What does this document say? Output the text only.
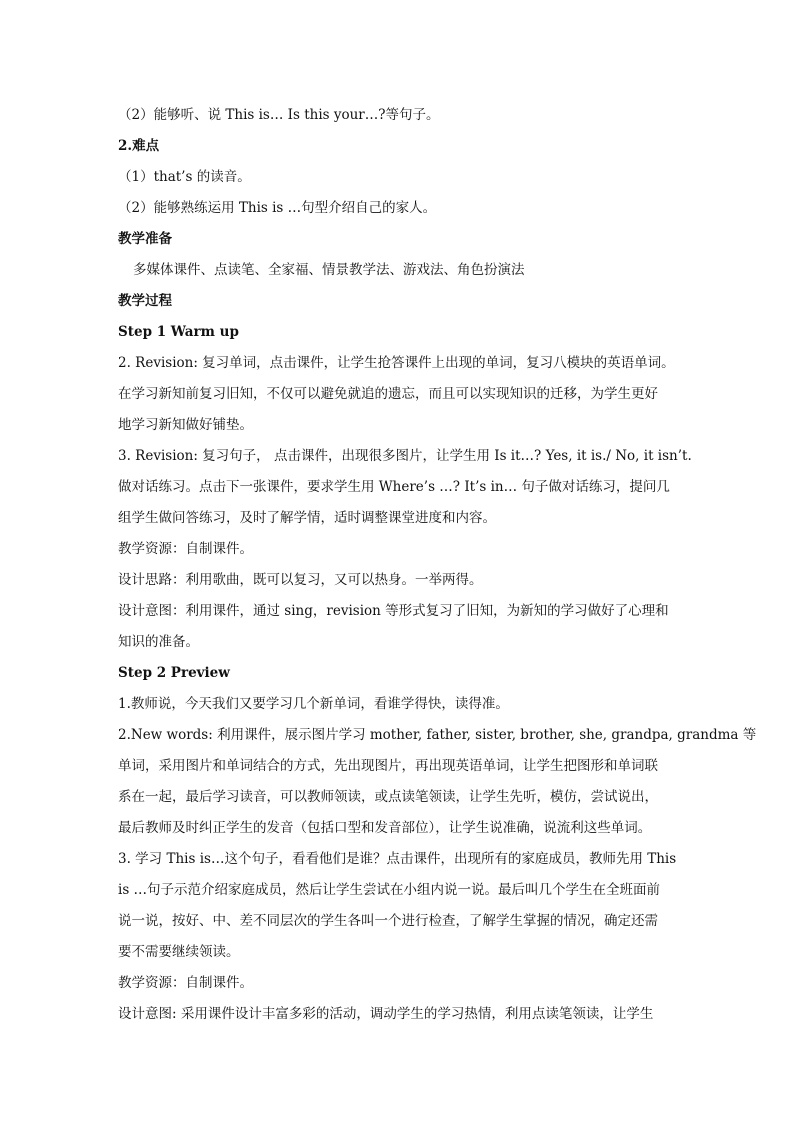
（2）能够听、说 This is… Is this your…?等句子。

2.难点

（1）that’s 的读音。

（2）能够熟练运用 This is …句型介绍自己的家人。

教学准备

多媒体课件、点读笔、全家福、情景教学法、游戏法、角色扮演法

教学过程

Step 1 Warm up

2. Revision: 复习单词，点击课件，让学生抢答课件上出现的单词，复习八模块的英语单词。

在学习新知前复习旧知，不仅可以避免就追的遗忘，而且可以实现知识的迁移，为学生更好

地学习新知做好铺垫。

3. Revision: 复习句子， 点击课件，出现很多图片，让学生用 Is it…? Yes, it is./ No, it isn’t.

做对话练习。点击下一张课件，要求学生用 Where’s …? It’s in… 句子做对话练习，提问几

组学生做问答练习，及时了解学情，适时调整课堂进度和内容。

教学资源：自制课件。

设计思路：利用歌曲，既可以复习，又可以热身。一举两得。

设计意图：利用课件，通过 sing，revision 等形式复习了旧知，为新知的学习做好了心理和

知识的准备。

Step 2 Preview

1.教师说，今天我们又要学习几个新单词，看谁学得快，读得准。

2.New words: 利用课件，展示图片学习 mother, father, sister, brother, she, grandpa, grandma 等

单词，采用图片和单词结合的方式，先出现图片，再出现英语单词，让学生把图形和单词联

系在一起，最后学习读音，可以教师领读，或点读笔领读，让学生先听，模仿，尝试说出，

最后教师及时纠正学生的发音（包括口型和发音部位），让学生说准确，说流利这些单词。

3. 学习 This is…这个句子，看看他们是谁？点击课件，出现所有的家庭成员，教师先用 This

is …句子示范介绍家庭成员，然后让学生尝试在小组内说一说。最后叫几个学生在全班面前

说一说，按好、中、差不同层次的学生各叫一个进行检查，了解学生掌握的情况，确定还需

要不需要继续领读。

教学资源：自制课件。

设计意图: 采用课件设计丰富多彩的活动，调动学生的学习热情，利用点读笔领读，让学生
